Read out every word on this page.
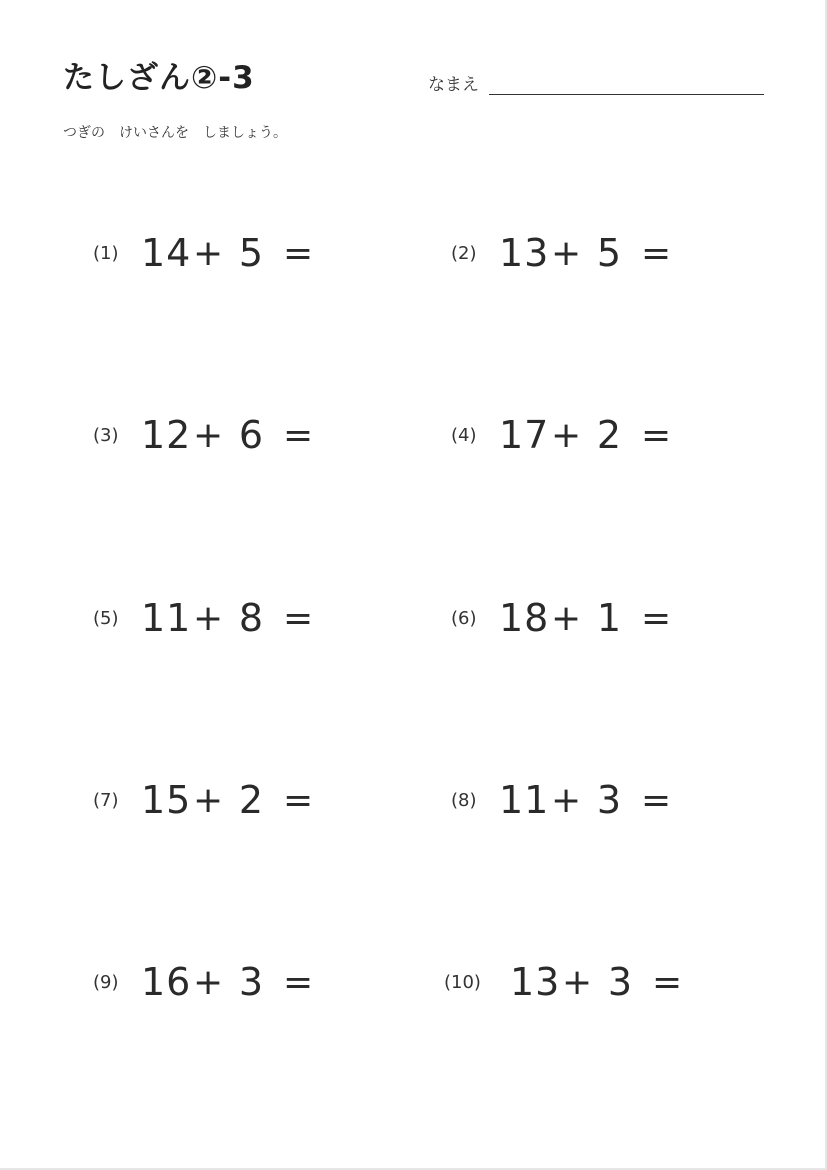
たしざん②-3	なまえ
つぎの　けいさんを　しましょう。
(1) 14 + 5 =	(2) 13 + 5 =
(3) 12 + 6 =	(4) 17 + 2 =
(5) 11 + 8 =	(6) 18 + 1 =
(7) 15 + 2 =	(8) 11 + 3 =
(9) 16 + 3 =	(10) 13 + 3 =
